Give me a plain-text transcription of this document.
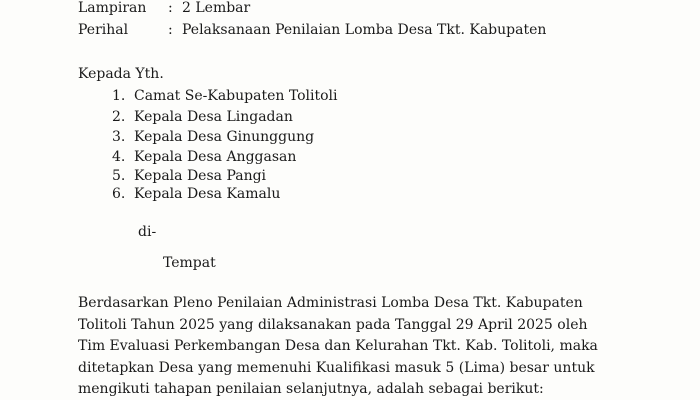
Lampiran	: 2 Lembar
Perihal	: Pelaksanaan Penilaian Lomba Desa Tkt. Kabupaten
Kepada Yth.
1. Camat Se-Kabupaten Tolitoli
2. Kepala Desa Lingadan
3. Kepala Desa Ginunggung
4. Kepala Desa Anggasan
5. Kepala Desa Pangi
6. Kepala Desa Kamalu
di-
Tempat
Berdasarkan Pleno Penilaian Administrasi Lomba Desa Tkt. Kabupaten
Tolitoli Tahun 2025 yang dilaksanakan pada Tanggal 29 April 2025 oleh
Tim Evaluasi Perkembangan Desa dan Kelurahan Tkt. Kab. Tolitoli, maka
ditetapkan Desa yang memenuhi Kualifikasi masuk 5 (Lima) besar untuk
mengikuti tahapan penilaian selanjutnya, adalah sebagai berikut:
